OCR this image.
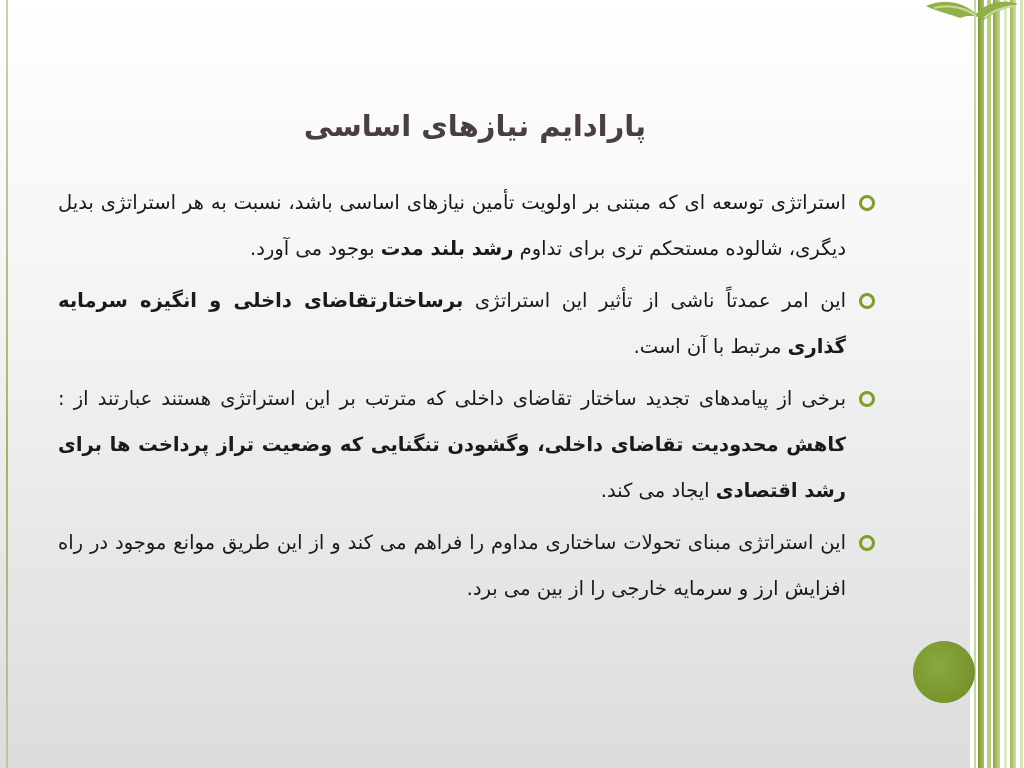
پارادایم نیازهای اساسی
استراتژی توسعه ای که مبتنی بر اولویت تأمین نیازهای اساسی باشد، نسبت به هر استراتژی بدیل دیگری، شالوده مستحکم تری برای تداوم رشد بلند مدت بوجود می آورد.
این امر عمدتاً ناشی از تأثیر این استراتژی برساختارتقاضای داخلی و انگیزه سرمایه گذاری مرتبط با آن است.
برخی از پیامدهای تجدید ساختار تقاضای داخلی که مترتب بر این استراتژی هستند عبارتند از : کاهش محدودیت تقاضای داخلی، وگشودن تنگنایی که وضعیت تراز پرداخت ها برای رشد اقتصادی ایجاد می کند.
این استراتژی مبنای تحولات ساختاری مداوم را فراهم می کند و از این طریق موانع موجود در راه افزایش ارز و سرمایه خارجی را از بین می برد.
